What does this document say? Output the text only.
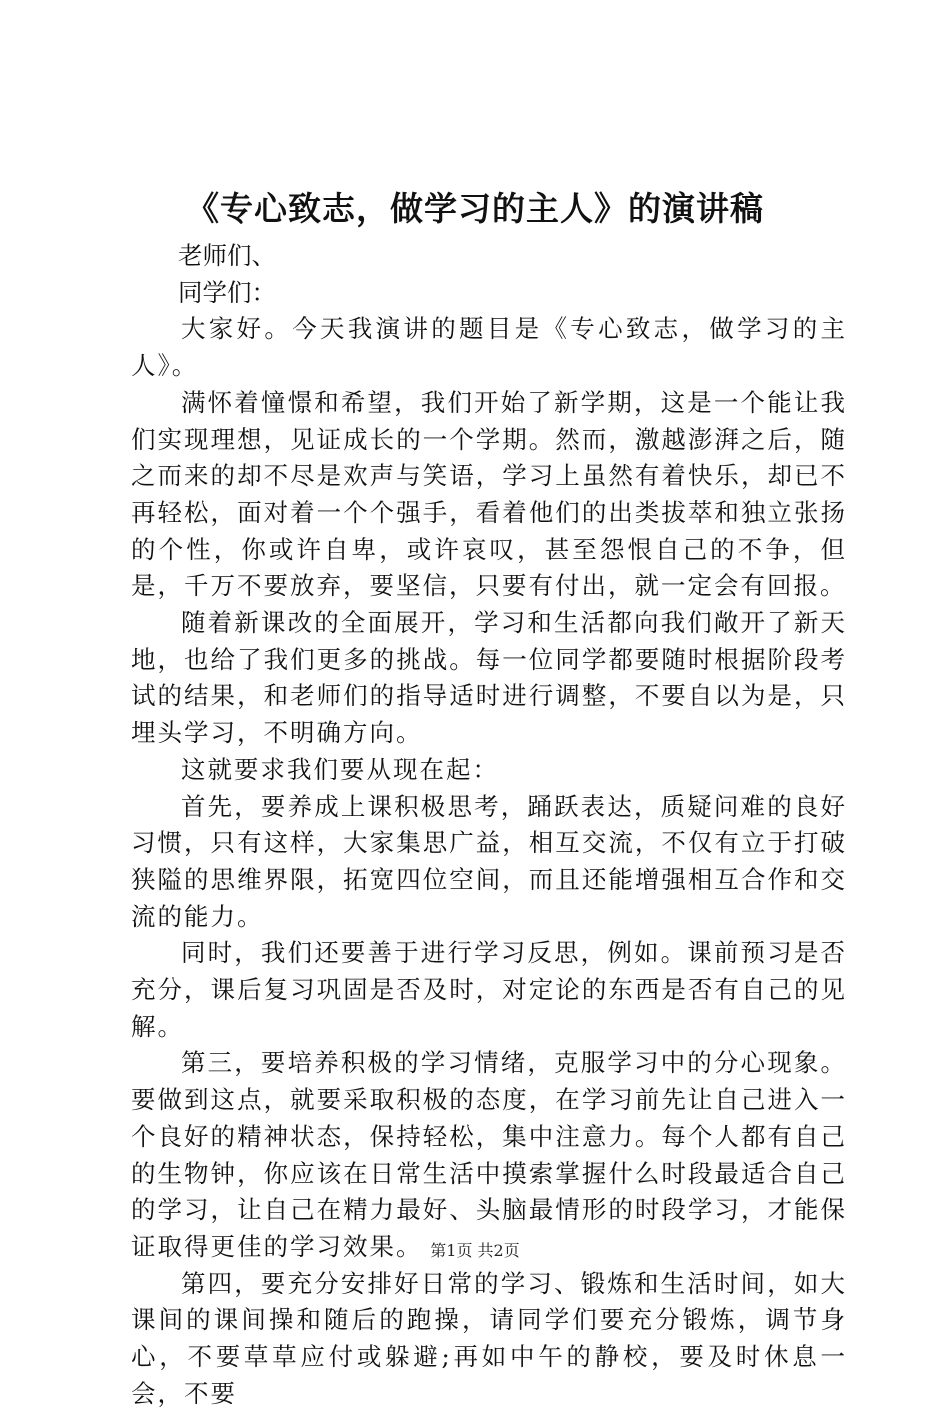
《专心致志，做学习的主人》的演讲稿

老师们、

同学们：

大家好。今天我演讲的题目是《专心致志，做学习的主人》。

满怀着憧憬和希望，我们开始了新学期，这是一个能让我们实现理想，见证成长的一个学期。然而，激越澎湃之后，随之而来的却不尽是欢声与笑语，学习上虽然有着快乐，却已不再轻松，面对着一个个强手，看着他们的出类拔萃和独立张扬的个性，你或许自卑，或许哀叹，甚至怨恨自己的不争，但是，千万不要放弃，要坚信，只要有付出，就一定会有回报。

随着新课改的全面展开，学习和生活都向我们敞开了新天地，也给了我们更多的挑战。每一位同学都要随时根据阶段考试的结果，和老师们的指导适时进行调整，不要自以为是，只埋头学习，不明确方向。

这就要求我们要从现在起：

首先，要养成上课积极思考，踊跃表达，质疑问难的良好习惯，只有这样，大家集思广益，相互交流，不仅有立于打破狭隘的思维界限，拓宽四位空间，而且还能增强相互合作和交流的能力。

同时，我们还要善于进行学习反思，例如。课前预习是否充分，课后复习巩固是否及时，对定论的东西是否有自己的见解。

第三，要培养积极的学习情绪，克服学习中的分心现象。要做到这点，就要采取积极的态度，在学习前先让自己进入一个良好的精神状态，保持轻松，集中注意力。每个人都有自己的生物钟，你应该在日常生活中摸索掌握什么时段最适合自己的学习，让自己在精力最好、头脑最情形的时段学习，才能保证取得更佳的学习效果。

第四，要充分安排好日常的学习、锻炼和生活时间，如大课间的课间操和随后的跑操，请同学们要充分锻炼，调节身心，不要草草应付或躲避;再如中午的静校，要及时休息一会，不要

第1页 共2页
